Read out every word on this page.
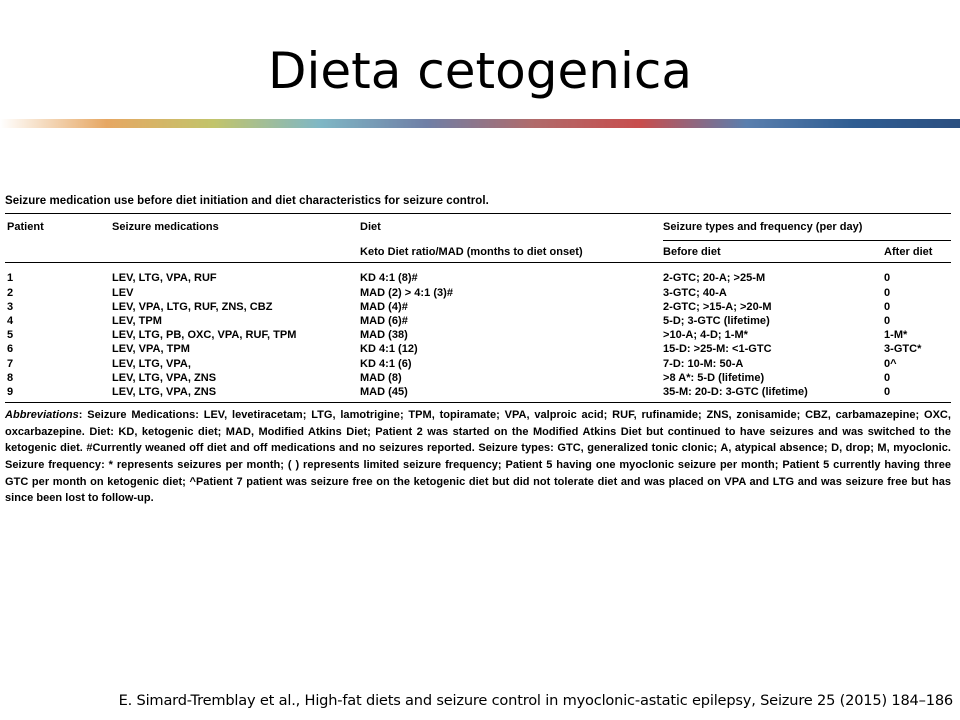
Dieta cetogenica
Seizure medication use before diet initiation and diet characteristics for seizure control.
Patient	Seizure medications	Diet	Seizure types and frequency (per day)	
		Keto Diet ratio/MAD (months to diet onset)	Before diet	After diet
1	LEV, LTG, VPA, RUF	KD 4:1 (8)#	2-GTC; 20-A; >25-M	0
2	LEV	MAD (2) > 4:1 (3)#	3-GTC; 40-A	0
3	LEV, VPA, LTG, RUF, ZNS, CBZ	MAD (4)#	2-GTC; >15-A; >20-M	0
4	LEV, TPM	MAD (6)#	5-D; 3-GTC (lifetime)	0
5	LEV, LTG, PB, OXC, VPA, RUF, TPM	MAD (38)	>10-A; 4-D; 1-M*	1-M*
6	LEV, VPA, TPM	KD 4:1 (12)	15-D: >25-M: <1-GTC	3-GTC*
7	LEV, LTG, VPA,	KD 4:1 (6)	7-D: 10-M: 50-A	0^
8	LEV, LTG, VPA, ZNS	MAD (8)	>8 A*: 5-D (lifetime)	0
9	LEV, LTG, VPA, ZNS	MAD (45)	35-M: 20-D: 3-GTC (lifetime)	0
Abbreviations: Seizure Medications: LEV, levetiracetam; LTG, lamotrigine; TPM, topiramate; VPA, valproic acid; RUF, rufinamide; ZNS, zonisamide; CBZ, carbamazepine; OXC, oxcarbazepine. Diet: KD, ketogenic diet; MAD, Modified Atkins Diet; Patient 2 was started on the Modified Atkins Diet but continued to have seizures and was switched to the ketogenic diet. #Currently weaned off diet and off medications and no seizures reported. Seizure types: GTC, generalized tonic clonic; A, atypical absence; D, drop; M, myoclonic. Seizure frequency: * represents seizures per month; ( ) represents limited seizure frequency; Patient 5 having one myoclonic seizure per month; Patient 5 currently having three GTC per month on ketogenic diet; ^Patient 7 patient was seizure free on the ketogenic diet but did not tolerate diet and was placed on VPA and LTG and was seizure free but has since been lost to follow-up.
E. Simard-Tremblay et al., High-fat diets and seizure control in myoclonic-astatic epilepsy, Seizure 25 (2015) 184–186
